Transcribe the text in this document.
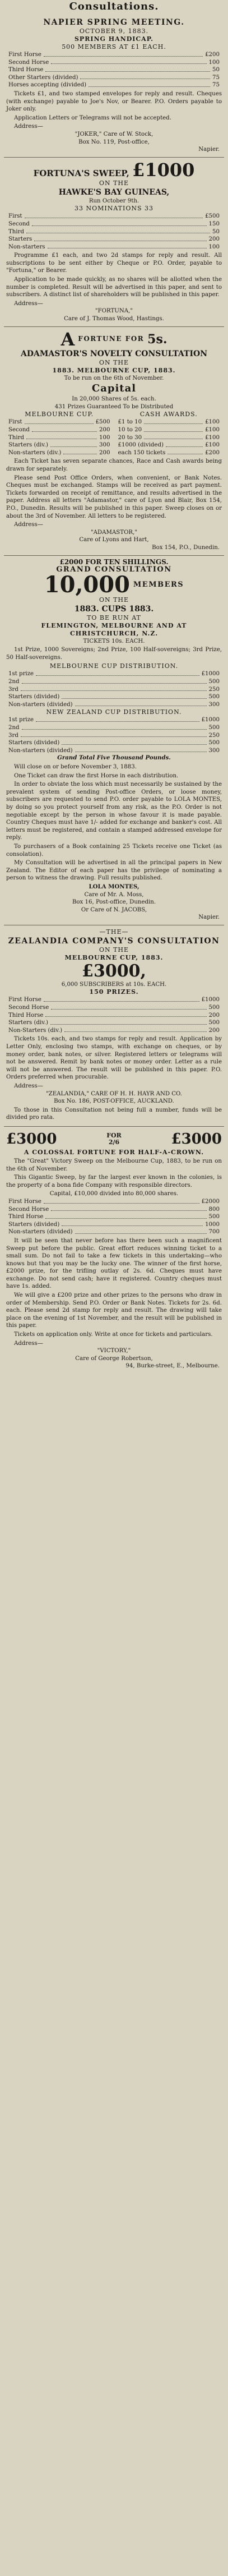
Consultations.
NAPIER SPRING MEETING.
OCTOBER 9, 1883.
SPRING HANDICAP.
500 MEMBERS AT £1 EACH.
First Horse	£200
Second Horse	100
Third Horse	50
Other Starters (divided)	75
Horses accepting (divided)	75

Tickets £1, and two stamped envelopes for reply and result. Cheques (with exchange) payable to Joe's Nov, or Bearer. P.O. Orders payable to Joker only.

Application Letters or Telegrams will not be accepted.

Address—
"JOKER," Care of W. Stock,
Box No. 119, Post-office,
Napier.
FORTUNA'S SWEEP, £1000
ON THE
HAWKE'S BAY GUINEAS,
Run October 9th.
33 NOMINATIONS 33
First	£500
Second	150
Third	50
Starters	200
Non-starters	100

Programme £1 each, and two 2d stamps for reply and result. All subscriptions to be sent either by Cheque or P.O. Order, payable to "Fortuna," or Bearer.

Application to be made quickly, as no shares will be allotted when the number is completed. Result will be advertised in this paper, and sent to subscribers. A distinct list of shareholders will be published in this paper.

Address—
"FORTUNA,"
Care of J. Thomas Wood, Hastings.
A FORTUNE FOR 5s.
ADAMASTOR'S NOVELTY CONSULTATION
ON THE
1883. MELBOURNE CUP, 1883.
To be run on the 6th of November.
Capital
In 20,000 Shares of 5s. each.
431 Prizes Guaranteed To be Distributed
MELBOURNE CUP.
First	£500
Second	200
Third	100
Starters (div.)	300
Non-starters (div.)	200
CASH AWARDS.
£1 to 10	£100
10 to 20	£100
20 to 30	£100
£1000 (divided)	£100
each 150 tickets	£200

Each Ticket has seven separate chances, Race and Cash awards being drawn for separately.

Please send Post Office Orders, when convenient, or Bank Notes. Cheques must be exchanged. Stamps will be received as part payment. Tickets forwarded on receipt of remittance, and results advertised in the paper. Address all letters "Adamastor," care of Lyon and Blair, Box 154, P.O., Dunedin. Results will be published in this paper. Sweep closes on or about the 3rd of November. All letters to be registered.

Address—
"ADAMASTOR,"
Care of Lyons and Hart,
Box 154, P.O., Dunedin.
£2000 FOR TEN SHILLINGS.
GRAND CONSULTATION
10,000 MEMBERS
ON THE
1883. CUPS 1883.
TO BE RUN AT
FLEMINGTON, MELBOURNE AND AT CHRISTCHURCH, N.Z.
TICKETS 10s. EACH.

1st Prize, 1000 Sovereigns; 2nd Prize, 100 Half-sovereigns; 3rd Prize, 50 Half-sovereigns.

MELBOURNE CUP DISTRIBUTION.
1st prize	£1000
2nd	500
3rd	250
Starters (divided)	500
Non-starters (divided)	300
NEW ZEALAND CUP DISTRIBUTION.
1st prize	£1000
2nd	500
3rd	250
Starters (divided)	500
Non-starters (divided)	300
Grand Total Five Thousand Pounds.

Will close on or before November 3, 1883.

One Ticket can draw the first Horse in each distribution.

In order to obviate the loss which must necessarily be sustained by the prevalent system of sending Post-office Orders, or loose money, subscribers are requested to send P.O. order payable to LOLA MONTES, by doing so you protect yourself from any risk, as the P.O. Order is not negotiable except by the person in whose favour it is made payable. Country Cheques must have 1/- added for exchange and banker's cost. All letters must be registered, and contain a stamped addressed envelope for reply.

To purchasers of a Book containing 25 Tickets receive one Ticket (as consolation).

My Consultation will be advertised in all the principal papers in New Zealand. The Editor of each paper has the privilege of nominating a person to witness the drawing. Full results published.

LOLA MONTES,
Care of Mr. A. Moss,
Box 16, Post-office, Dunedin.
Or Care of N. JACOBS,
Napier.
—THE—
ZEALANDIA COMPANY'S CONSULTATION
ON THE
MELBOURNE CUP, 1883.
£3000,
6,000 SUBSCRIBERS at 10s. EACH.
150 PRIZES.
First Horse	£1000
Second Horse	500
Third Horse	200
Starters (div.)	500
Non-Starters (div.)	200

Tickets 10s. each, and two stamps for reply and result. Application by Letter Only, enclosing two stamps, with exchange on cheques, or by money order, bank notes, or silver. Registered letters or telegrams will not be answered. Remit by bank notes or money order. Letter as a rule will not be answered. The result will be published in this paper. P.O. Orders preferred when procurable.

Address—
"ZEALANDIA," CARE OF H. H. HAYR AND CO.
Box No. 186, POST-OFFICE, AUCKLAND.

To those in this Consultation not being full a number, funds will be divided pro rata.

£3000	FOR
2/6	£3000
A COLOSSAL FORTUNE FOR HALF-A-CROWN.

The "Great" Victory Sweep on the Melbourne Cup, 1883, to be run on the 6th of November.

This Gigantic Sweep, by far the largest ever known in the colonies, is the property of a bona fide Company with responsible directors.

Capital, £10,000 divided into 80,000 shares.
First Horse	£2000
Second Horse	800
Third Horse	500
Starters (divided)	1000
Non-starters (divided)	700

It will be seen that never before has there been such a magnificent Sweep put before the public. Great effort reduces winning ticket to a small sum. Do not fail to take a few tickets in this undertaking—who knows but that you may be the lucky one. The winner of the first horse, £2000 prize, for the trifling outlay of 2s. 6d. Cheques must have exchange. Do not send cash; have it registered. Country cheques must have 1s. added.

We will give a £200 prize and other prizes to the persons who draw in order of Membership. Send P.O. Order or Bank Notes. Tickets for 2s. 6d. each. Please send 2d stamp for reply and result. The drawing will take place on the evening of 1st November, and the result will be published in this paper.

Tickets on application only. Write at once for tickets and particulars.

Address—
"VICTORY,"
Care of George Robertson,
94, Burke-street, E., Melbourne.
